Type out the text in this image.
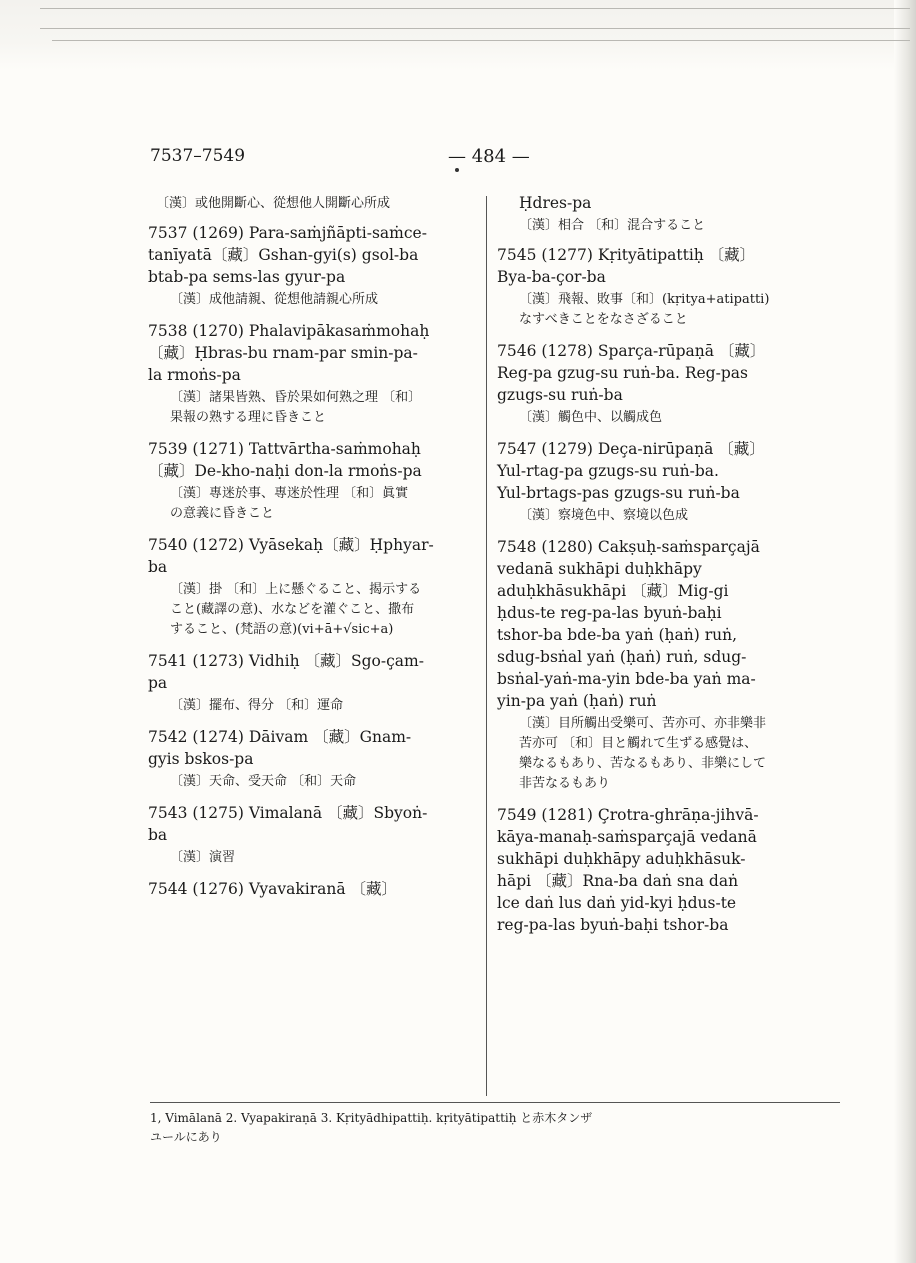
7537–7549	— 484 —
〔漢〕或他開斷心、從想他人開斷心所成
7537 (1269) Para-saṁjñāpti-saṁce-
tanīyatā〔藏〕Gshan-gyi(s) gsol-ba
btab-pa sems-las gyur-pa
〔漢〕成他請親、從想他請親心所成
7538 (1270) Phalavipākasaṁmohaḥ
〔藏〕Ḥbras-bu rnam-par smin-pa-
la rmoṅs-pa
〔漢〕諸果皆熟、昏於果如何熟之理 〔和〕
果報の熟する理に昏きこと
7539 (1271) Tattvārtha-saṁmohaḥ
〔藏〕De-kho-naḥi don-la rmoṅs-pa
〔漢〕專迷於事、專迷於性理 〔和〕眞實
の意義に昏きこと
7540 (1272) Vyāsekaḥ〔藏〕Ḥphyar-
ba
〔漢〕掛 〔和〕上に懸ぐること、揭示する
こと(藏譯の意)、水などを灌ぐこと、撒布
すること、(梵語の意)(vi+ā+√sic+a)
7541 (1273) Vidhiḥ 〔藏〕Sgo-çam-
pa
〔漢〕擺布、得分 〔和〕運命
7542 (1274) Dāivam 〔藏〕Gnam-
gyis bskos-pa
〔漢〕天命、受天命 〔和〕天命
7543 (1275) Vimalanā 〔藏〕Sbyoṅ-
ba
〔漢〕演習
7544 (1276) Vyavakiranā 〔藏〕
Ḥdres-pa
〔漢〕相合 〔和〕混合すること
7545 (1277) Kṛityātipattiḥ 〔藏〕
Bya-ba-çor-ba
〔漢〕飛報、敗事〔和〕(kṛitya+atipatti)
なすべきことをなさざること
7546 (1278) Sparça-rūpaṇā 〔藏〕
Reg-pa gzug-su ruṅ-ba. Reg-pas
gzugs-su ruṅ-ba
〔漢〕觸色中、以觸成色
7547 (1279) Deça-nirūpaṇā 〔藏〕
Yul-rtag-pa gzugs-su ruṅ-ba.
Yul-brtags-pas gzugs-su ruṅ-ba
〔漢〕察境色中、察境以色成
7548 (1280) Cakṣuḥ-saṁsparçajā
vedanā sukhāpi duḥkhāpy
aduḥkhāsukhāpi 〔藏〕Mig-gi
ḥdus-te reg-pa-las byuṅ-baḥi
tshor-ba bde-ba yaṅ (ḥaṅ) ruṅ,
sdug-bsṅal yaṅ (ḥaṅ) ruṅ, sdug-
bsṅal-yaṅ-ma-yin bde-ba yaṅ ma-
yin-pa yaṅ (ḥaṅ) ruṅ
〔漢〕目所觸出受樂可、苦亦可、亦非樂非
苦亦可 〔和〕目と觸れて生ずる感覺は、
樂なるもあり、苦なるもあり、非樂にして
非苦なるもあり
7549 (1281) Çrotra-ghrāṇa-jihvā-
kāya-manaḥ-saṁsparçajā vedanā
sukhāpi duḥkhāpy aduḥkhāsuk-
hāpi 〔藏〕Rna-ba daṅ sna daṅ
lce daṅ lus daṅ yid-kyi ḥdus-te
reg-pa-las byuṅ-baḥi tshor-ba
1, Vimālanā 2. Vyapakiraṇā 3. Kṛityādhipattiḥ. kṛityātipattiḥ と赤木タンザ
ユールにあり
